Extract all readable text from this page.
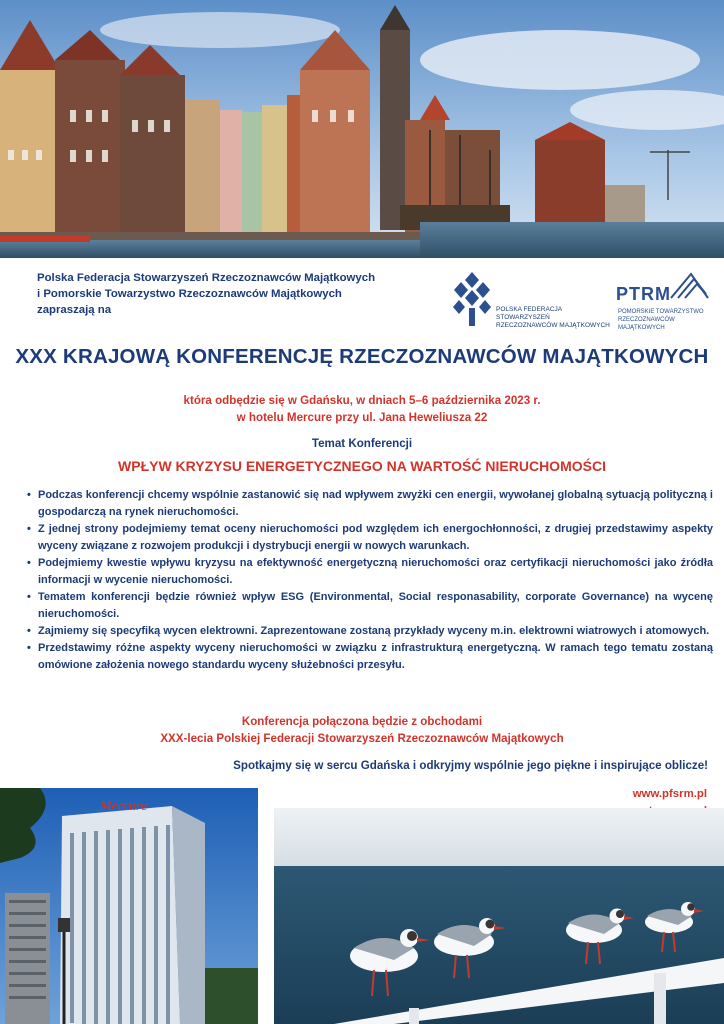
Polska Federacja Stowarzyszeń Rzeczoznawców Majątkowych
i Pomorskie Towarzystwo Rzeczoznawców Majątkowych
zapraszają na	POLSKA FEDERACJA STOWARZYSZEŃ
RZECZOZNAWCÓW MAJĄTKOWYCH
PTRM
POMORSKIE TOWARZYSTWO
RZECZOZNAWCÓW MAJĄTKOWYCH
XXX KRAJOWĄ KONFERENCJĘ RZECZOZNAWCÓW MAJĄTKOWYCH
która odbędzie się w Gdańsku, w dniach 5–6 października 2023 r.
w hotelu Mercure przy ul. Jana Heweliusza 22
Temat Konferencji
WPŁYW KRYZYSU ENERGETYCZNEGO NA WARTOŚĆ NIERUCHOMOŚCI
• Podczas konferencji chcemy wspólnie zastanowić się nad wpływem zwyżki cen energii, wywołanej globalną sytuacją polityczną i gospodarczą na rynek nieruchomości.
• Z jednej strony podejmiemy temat oceny nieruchomości pod względem ich energochłonności, z drugiej przedstawimy aspekty wyceny związane z rozwojem produkcji i dystrybucji energii w nowych warunkach.
• Podejmiemy kwestie wpływu kryzysu na efektywność energetyczną nieruchomości oraz certyfikacji nieruchomości jako źródła informacji w wycenie nieruchomości.
• Tematem konferencji będzie również wpływ ESG (Environmental, Social responasability, corporate Governance) na wycenę nieruchomości.
• Zajmiemy się specyfiką wycen elektrowni. Zaprezentowane zostaną przykłady wyceny m.in. elektrowni wiatrowych i atomowych.
• Przedstawimy różne aspekty wyceny nieruchomości w związku z infrastrukturą energetyczną. W ramach tego tematu zostaną omówione założenia nowego standardu wyceny służebności przesyłu.
Konferencja połączona będzie z obchodami
XXX-lecia Polskiej Federacji Stowarzyszeń Rzeczoznawców Majątkowych
Spotkajmy się w sercu Gdańska i odkryjmy wspólnie jego piękne i inspirujące oblicze!
www.pfsrm.pl
Mercure
